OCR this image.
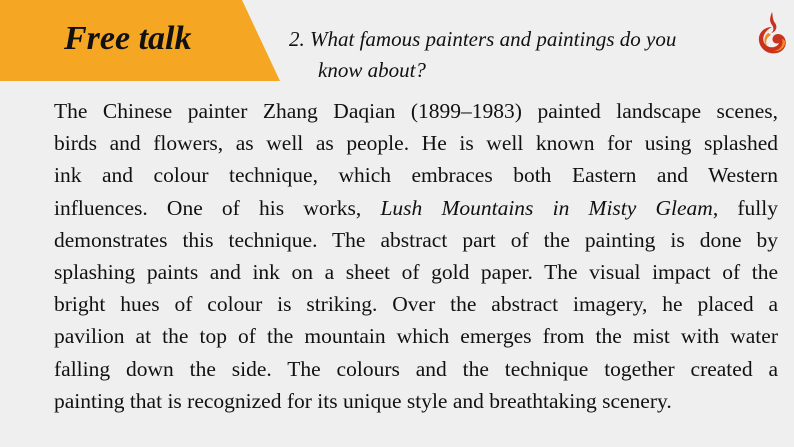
Free talk	2. What famous painters and paintings do you
know about?
The Chinese painter Zhang Daqian (1899–1983) painted landscape scenes,
birds and flowers, as well as people. He is well known for using splashed
ink and colour technique, which embraces both Eastern and Western
influences. One of his works, Lush Mountains in Misty Gleam, fully
demonstrates this technique. The abstract part of the painting is done by
splashing paints and ink on a sheet of gold paper. The visual impact of the
bright hues of colour is striking. Over the abstract imagery, he placed a
pavilion at the top of the mountain which emerges from the mist with water
falling down the side. The colours and the technique together created a
painting that is recognized for its unique style and breathtaking scenery.
